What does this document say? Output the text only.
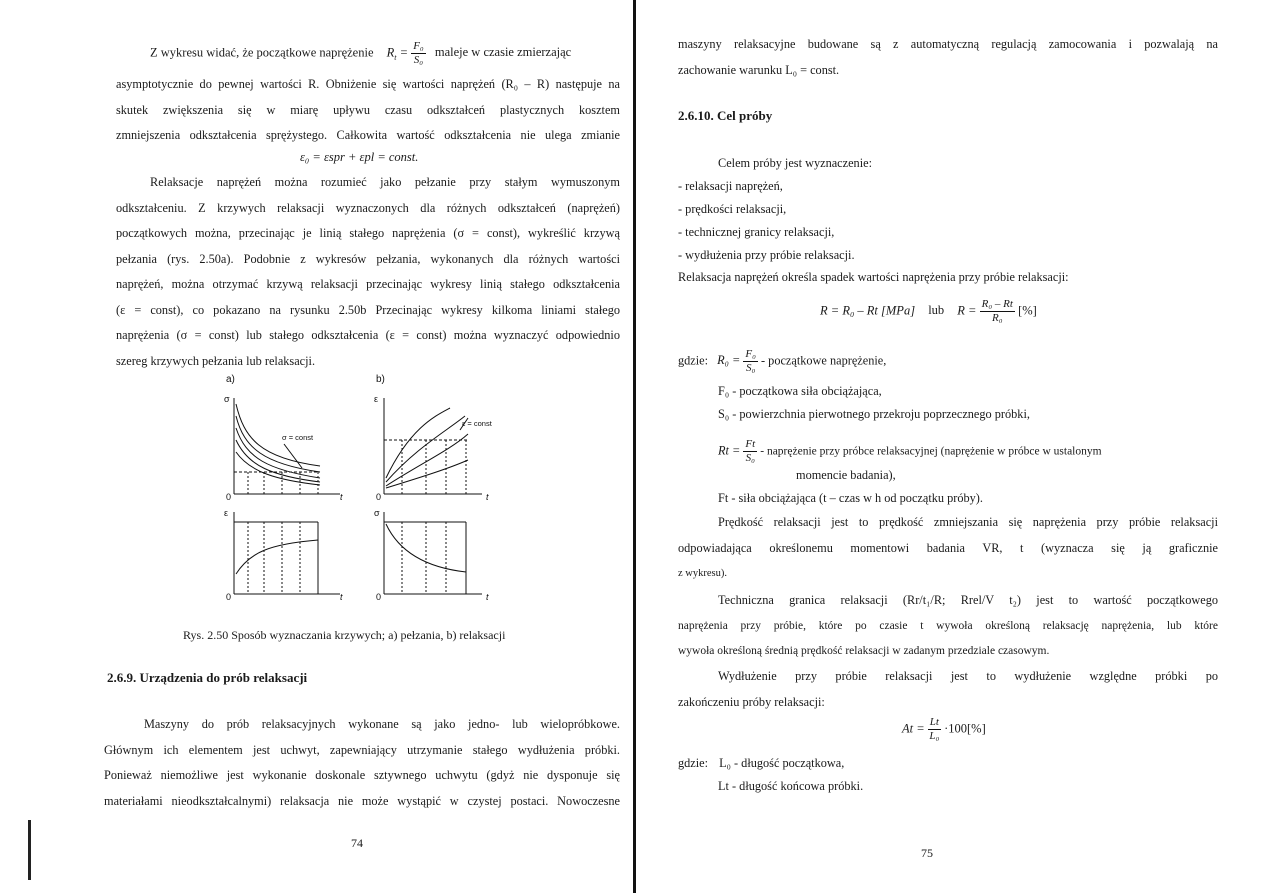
Z wykresu widać, że początkowe naprężenie $R_t = \frac{\text{F₀}}{\text{S₀}}$ maleje w czasie zmierzając
asymptotycznie do pewnej wartości R. Obniżenie się wartości naprężeń (R₀ – R) następuje na
skutek zwiększenia się w miarę upływu czasu odkształceń plastycznych kosztem
zmniejszenia odkształcenia sprężystego. Całkowita wartość odkształcenia nie ulega zmianie
ε₀ = εspr + εpl = const.
Relaksacje naprężeń można rozumieć jako pełzanie przy stałym wymuszonym
odkształceniu. Z krzywych relaksacji wyznaczonych dla różnych odkształceń (naprężeń)
początkowych można, przecinając je linią stałego naprężenia (σ = const), wykreślić krzywą
pełzania (rys. 2.50a). Podobnie z wykresów pełzania, wykonanych dla różnych wartości
naprężeń, można otrzymać krzywą relaksacji przecinając wykresy linią stałego odkształcenia
(ε = const), co pokazano na rysunku 2.50b Przecinając wykresy kilkoma liniami stałego
naprężenia (σ = const) lub stałego odkształcenia (ε = const) można wyznaczyć odpowiednio
szereg krzywych pełzania lub relaksacji.
a)	b)
σ
0	t
σ = const
ε
0	t
ε
0	t
ε = const
σ
0	t
Rys. 2.50 Sposób wyznaczania krzywych; a) pełzania, b) relaksacji
2.6.9. Urządzenia do prób relaksacji
Maszyny do prób relaksacyjnych wykonane są jako jedno- lub wielopróbkowe.
Głównym ich elementem jest uchwyt, zapewniający utrzymanie stałego wydłużenia próbki.
Ponieważ niemożliwe jest wykonanie doskonale sztywnego uchwytu (gdyż nie dysponuje się
materiałami nieodkształcalnymi) relaksacja nie może wystąpić w czystej postaci. Nowoczesne
74
maszyny relaksacyjne budowane są z automatyczną regulacją zamocowania i pozwalają na
zachowanie warunku L₀ = const.
2.6.10. Cel próby
Celem próby jest wyznaczenie:
- relaksacji naprężeń,
- prędkości relaksacji,
- technicznej granicy relaksacji,
- wydłużenia przy próbie relaksacji.
Relaksacja naprężeń określa spadek wartości naprężenia przy próbie relaksacji:
R = R₀ – Rt [MPa] lub $R = \frac{\text{R₀ – Rt}}{\text{R₀}}$ [%]
gdzie: $R_0 = \frac{\text{F₀}}{\text{S₀}}$ - początkowe naprężenie,
F₀ - początkowa siła obciążająca,
S₀ - powierzchnia pierwotnego przekroju poprzecznego próbki,
$Rt = \frac{Ft}{\text{S₀}}$ - naprężenie przy próbce relaksacyjnej (naprężenie w próbce w ustalonym
momencie badania),
Ft - siła obciążająca (t – czas w h od początku próby).
Prędkość relaksacji jest to prędkość zmniejszania się naprężenia przy próbie relaksacji
odpowiadająca określonemu momentowi badania VR, t (wyznacza się ją graficznie
z wykresu).
Techniczna granica relaksacji (Rr/t₁/R; Rrel/V t₂) jest to wartość początkowego
naprężenia przy próbie, które po czasie t wywoła określoną relaksację naprężenia, lub które
wywoła określoną średnią prędkość relaksacji w zadanym przedziale czasowym.
Wydłużenie przy próbie relaksacji jest to wydłużenie względne próbki po
zakończeniu próby relaksacji:
$At = \frac{Lt}{\text{L₀}} \cdot 100[\%]$
gdzie: L₀ - długość początkowa,
Lt - długość końcowa próbki.
75
